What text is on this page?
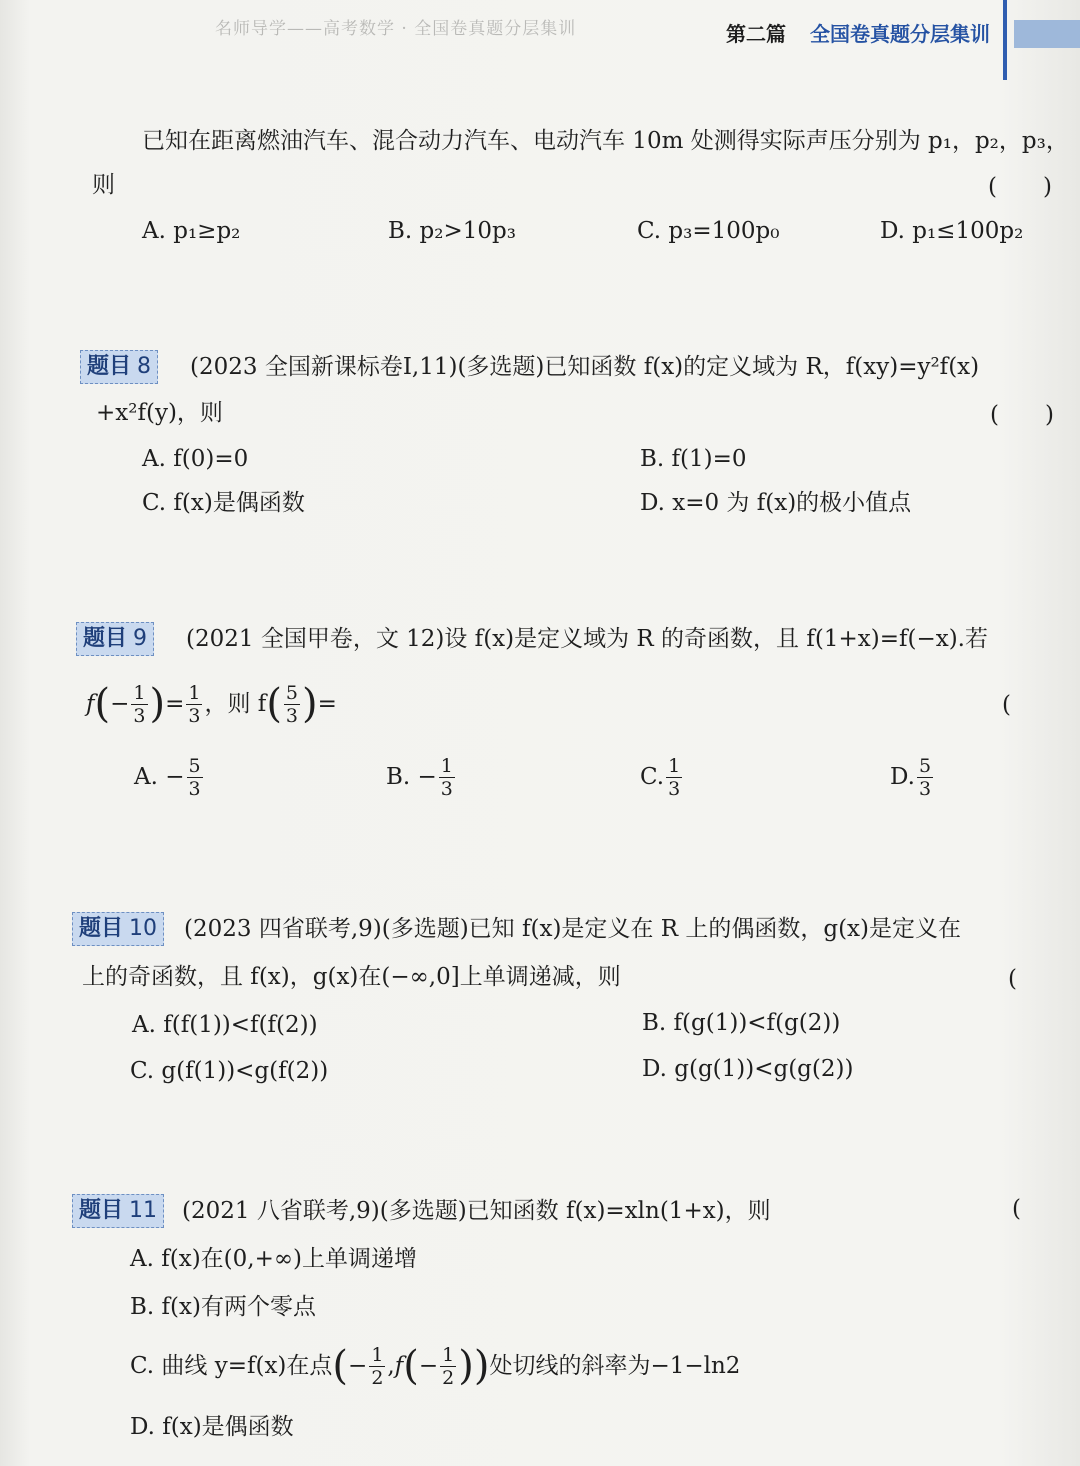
名师导学——高考数学 · 全国卷真题分层集训	第二篇 全国卷真题分层集训
已知在距离燃油汽车、混合动力汽车、电动汽车 10m 处测得实际声压分别为 p₁，p₂，p₃，
则	(　　)
A. p₁≥p₂	B. p₂>10p₃	C. p₃=100p₀	D. p₁≤100p₂
题目 8	(2023 全国新课标卷Ⅰ,11)(多选题)已知函数 f(x)的定义域为 R，f(xy)=y²f(x)
+x²f(y)，则	(　　)
A. f(0)=0	B. f(1)=0
C. f(x)是偶函数	D. x=0 为 f(x)的极小值点
题目 9	(2021 全国甲卷，文 12)设 f(x)是定义域为 R 的奇函数，且 f(1+x)=f(−x).若
f ( − $\frac{1}{3}$ ) = $\frac{1}{3}$ ，则 f ( $\frac{5}{3}$ ) =	(
A. − $\frac{5}{3}$	B. − $\frac{1}{3}$	C. $\frac{1}{3}$	D. $\frac{5}{3}$
题目 10	(2023 四省联考,9)(多选题)已知 f(x)是定义在 R 上的偶函数，g(x)是定义在
上的奇函数，且 f(x)，g(x)在(−∞,0]上单调递减，则	(
A. f(f(1))<f(f(2))	B. f(g(1))<f(g(2))
C. g(f(1))<g(f(2))	D. g(g(1))<g(g(2))
题目 11	(2021 八省联考,9)(多选题)已知函数 f(x)=xln(1+x)，则	(
A. f(x)在(0,+∞)上单调递增
B. f(x)有两个零点
C. 曲线 y=f(x)在点 ( − $\frac{1}{2}$ , f ( − $\frac{1}{2}$ ) ) 处切线的斜率为−1−ln2
D. f(x)是偶函数
